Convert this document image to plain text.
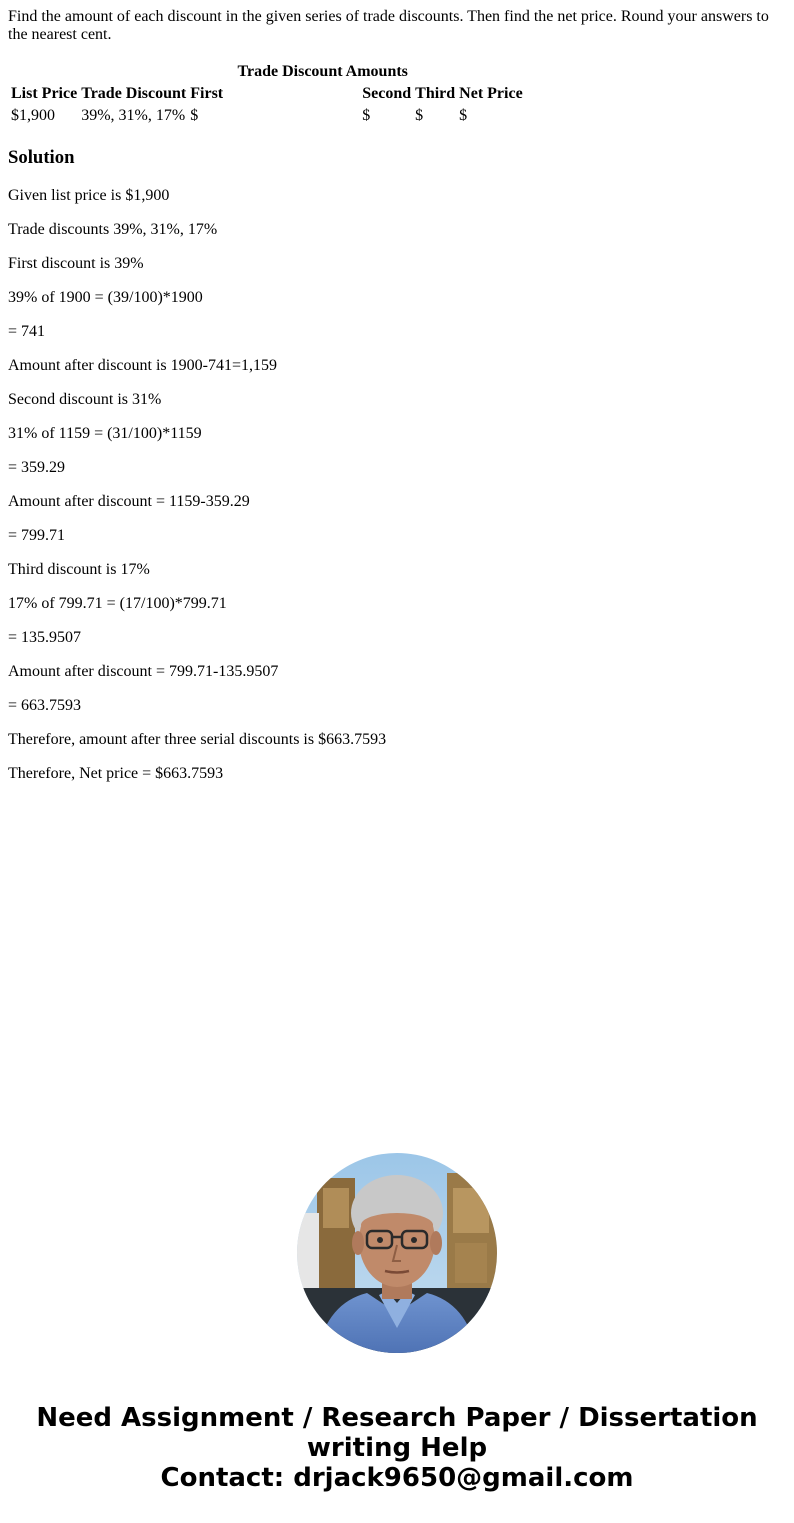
Find the amount of each discount in the given series of trade discounts. Then find the net price. Round your answers to the nearest cent.

		Trade Discount Amounts			
List Price	Trade Discount	First	Second	Third	Net Price
$1,900	39%, 31%, 17%	$	$	$	$
Solution

Given list price is $1,900

Trade discounts 39%, 31%, 17%

First discount is 39%

39% of 1900 = (39/100)*1900

= 741

Amount after discount is 1900-741=1,159

Second discount is 31%

31% of 1159 = (31/100)*1159

= 359.29

Amount after discount = 1159-359.29

= 799.71

Third discount is 17%

17% of 799.71 = (17/100)*799.71

= 135.9507

Amount after discount = 799.71-135.9507

= 663.7593

Therefore, amount after three serial discounts is $663.7593

Therefore, Net price = $663.7593

Need Assignment / Research Paper / Dissertation
writing Help
Contact: drjack9650@gmail.com
